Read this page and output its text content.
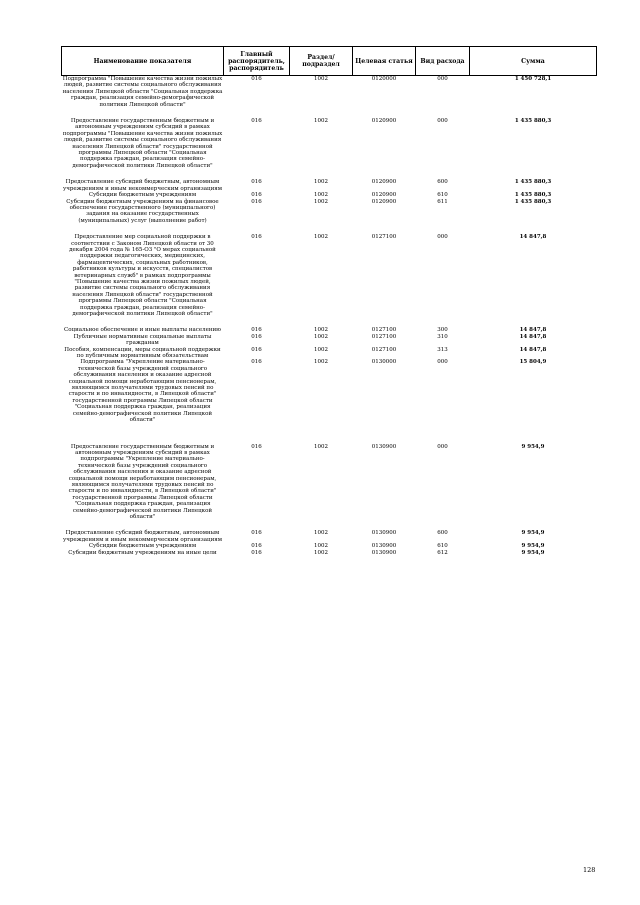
Наименование показателя	Главный распорядитель, распорядитель	Раздел/подраздел	Целевая статья	Вид расхода	Сумма
Подпрограмма "Повышение качества жизни пожилых людей, развитие системы социального обслуживания населения Липецкой области "Социальная поддержка граждан, реализация семейно-демографической политики Липецкой области"	016	1002	0120000	000	1 450 728,1

Предоставление государственным бюджетным и автономным учреждениям субсидий в рамках подпрограммы "Повышение качества жизни пожилых людей, развитие системы социального обслуживания населения Липецкой области" государственной программы Липецкой области "Социальная поддержка граждан, реализация семейно-демографической политики Липецкой области"	016	1002	0120900	000	1 435 880,3

Предоставление субсидий бюджетным, автономным учреждениям и иным некоммерческим организациям	016	1002	0120900	600	1 435 880,3
Субсидии бюджетным учреждениям	016	1002	0120900	610	1 435 880,3
Субсидии бюджетным учреждениям на финансовое обеспечение государственного (муниципального) задания на оказание государственных (муниципальных) услуг (выполнение работ)	016	1002	0120900	611	1 435 880,3

Предоставление мер социальной поддержки в соответствии с Законом Липецкой области от 30 декабря 2004 года № 165-ОЗ "О мерах социальной поддержки педагогических, медицинских, фармацевтических, социальных работников, работников культуры и искусств, специалистов ветеринарных служб" в рамках подпрограммы "Повышение качества жизни пожилых людей, развитие системы социального обслуживания населения Липецкой области" государственной программы Липецкой области "Социальная поддержка граждан, реализация семейно-демографической политики Липецкой области"	016	1002	0127100	000	14 847,8

Социальное обеспечение и иные выплаты населению	016	1002	0127100	300	14 847,8
Публичные нормативные социальные выплаты гражданам	016	1002	0127100	310	14 847,8
Пособия, компенсации, меры социальной поддержки по публичным нормативным обязательствам	016	1002	0127100	313	14 847,8
Подпрограмма "Укрепление материально-технической базы учреждений социального обслуживания населения и оказание адресной социальной помощи неработающим пенсионерам, являющимся получателями трудовых пенсий по старости и по инвалидности, в Липецкой области" государственной программы Липецкой области "Социальная поддержка граждан, реализация семейно-демографической политики Липецкой области"	016	1002	0130000	000	15 804,9

Предоставление государственным бюджетным и автономным учреждениям субсидий в рамках подпрограммы "Укрепление материально-технической базы учреждений социального обслуживания населения и оказание адресной социальной помощи неработающим пенсионерам, являющимся получателями трудовых пенсий по старости и по инвалидности, в Липецкой области" государственной программы Липецкой области "Социальная поддержка граждан, реализация семейно-демографической политики Липецкой области"	016	1002	0130900	000	9 954,9

Предоставление субсидий бюджетным, автономным учреждениям и иным некоммерческим организациям	016	1002	0130900	600	9 954,9
Субсидии бюджетным учреждениям	016	1002	0130900	610	9 954,9
Субсидии бюджетным учреждениям на иные цели	016	1002	0130900	612	9 954,9
128
